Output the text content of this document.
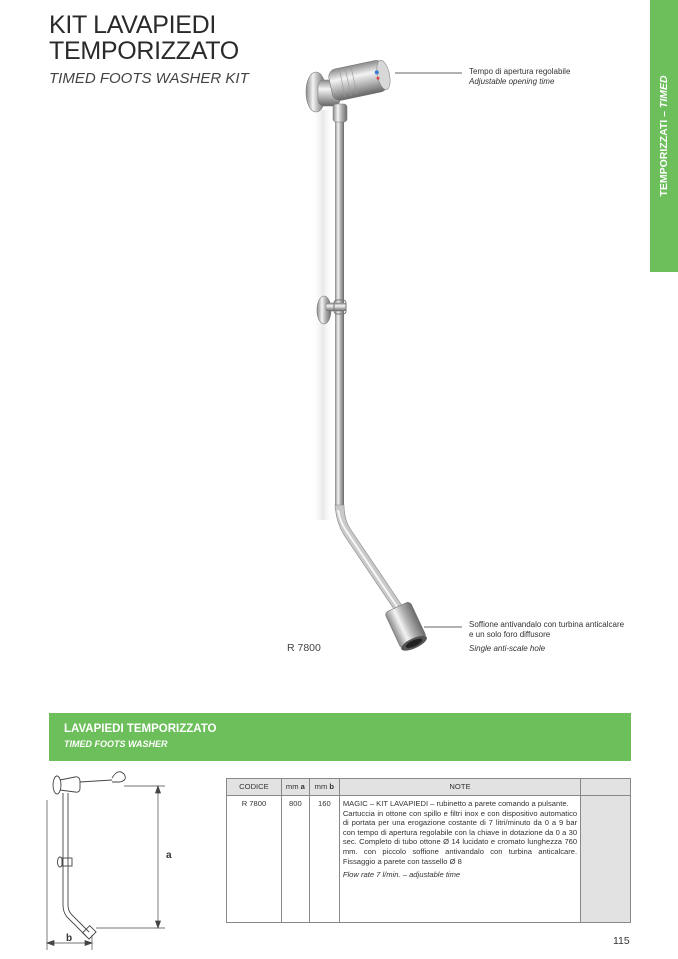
KIT LAVAPIEDI
TEMPORIZZATO
TIMED FOOTS WASHER KIT
TEMPORIZZATI – TIMED
Tempo di apertura regolabile
Adjustable opening time
Soffione antivandalo con turbina anticalcare
e un solo foro diffusore
Single anti-scale hole
R 7800
LAVAPIEDI TEMPORIZZATO
TIMED FOOTS WASHER
a
b
CODICE	mm a	mm b	NOTE	
R 7800	800	160	MAGIC – KIT LAVAPIEDI – rubinetto a parete comando a pulsante.
Cartuccia in ottone con spillo e filtri inox e con dispositivo automatico di portata per una erogazione costante di 7 litri/minuto da 0 a 9 bar con tempo di apertura regolabile con la chiave in dotazione da 0 a 30 sec. Completo di tubo ottone Ø 14 lucidato e cromato lunghezza 760 mm. con piccolo soffione antivandalo con turbina anticalcare. Fissaggio a parete con tassello Ø 8
Flow rate 7 l/min. – adjustable time	

115
